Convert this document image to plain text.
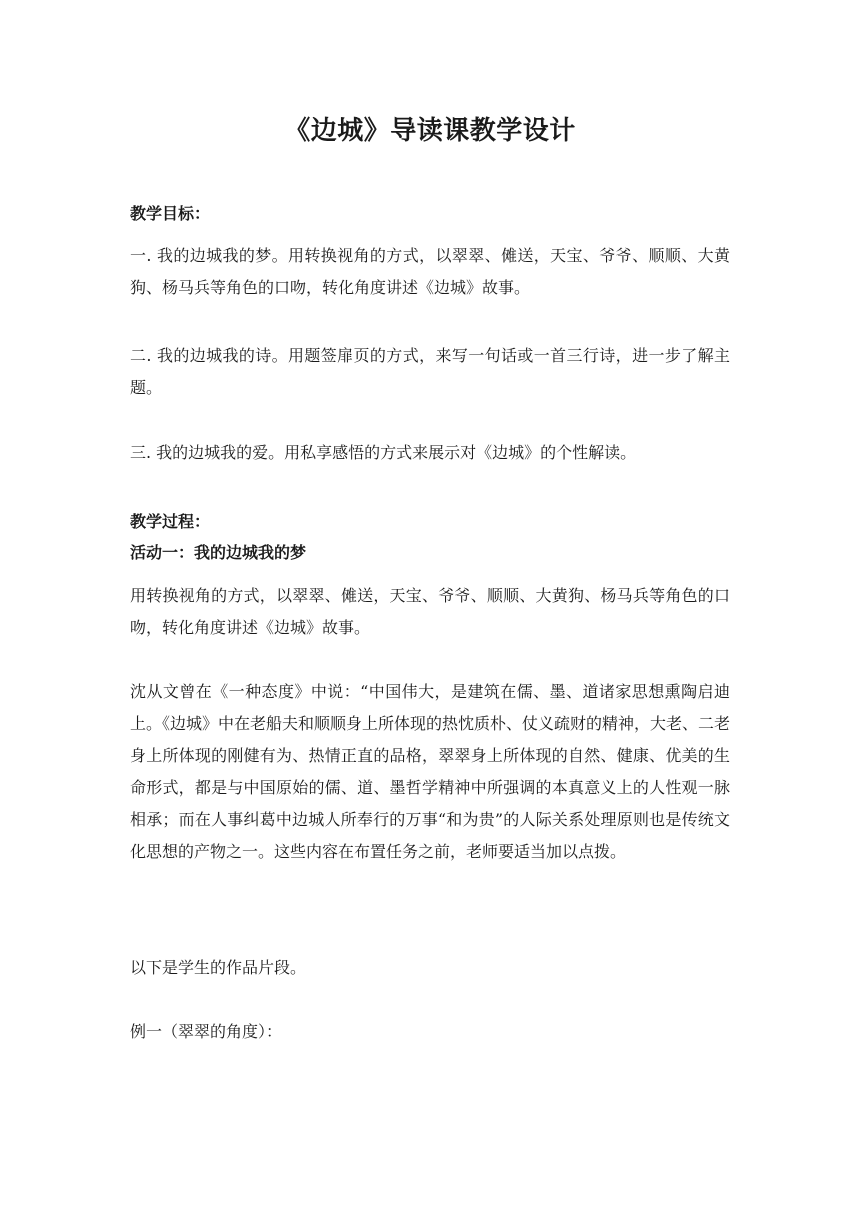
《边城》导读课教学设计

教学目标：

一. 我的边城我的梦。用转换视角的方式，以翠翠、傩送，天宝、爷爷、顺顺、大黄狗、杨马兵等角色的口吻，转化角度讲述《边城》故事。

二. 我的边城我的诗。用题签扉页的方式，来写一句话或一首三行诗，进一步了解主题。

三. 我的边城我的爱。用私享感悟的方式来展示对《边城》的个性解读。

教学过程：

活动一：我的边城我的梦

用转换视角的方式，以翠翠、傩送，天宝、爷爷、顺顺、大黄狗、杨马兵等角色的口吻，转化角度讲述《边城》故事。

沈从文曾在《一种态度》中说：“中国伟大，是建筑在儒、墨、道诸家思想熏陶启迪上。《边城》中在老船夫和顺顺身上所体现的热忱质朴、仗义疏财的精神，大老、二老身上所体现的刚健有为、热情正直的品格，翠翠身上所体现的自然、健康、优美的生命形式，都是与中国原始的儒、道、墨哲学精神中所强调的本真意义上的人性观一脉相承；而在人事纠葛中边城人所奉行的万事“和为贵”的人际关系处理原则也是传统文化思想的产物之一。这些内容在布置任务之前，老师要适当加以点拨。

以下是学生的作品片段。

例一（翠翠的角度）：
